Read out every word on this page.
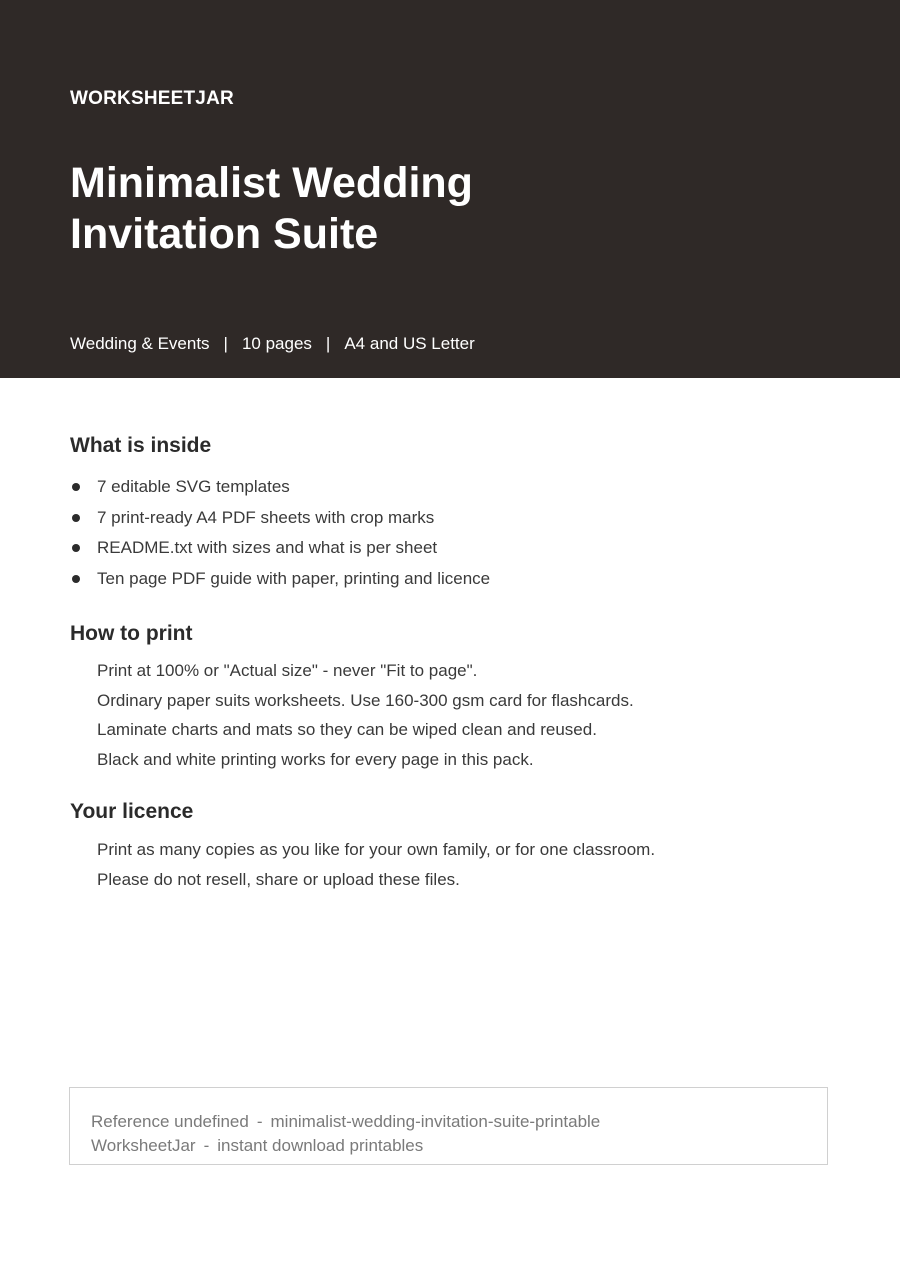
WORKSHEETJAR
Minimalist Wedding
Invitation Suite
Wedding & Events | 10 pages | A4 and US Letter
What is inside
7 editable SVG templates
7 print-ready A4 PDF sheets with crop marks
README.txt with sizes and what is per sheet
Ten page PDF guide with paper, printing and licence
How to print
Print at 100% or "Actual size" - never "Fit to page".
Ordinary paper suits worksheets. Use 160-300 gsm card for flashcards.
Laminate charts and mats so they can be wiped clean and reused.
Black and white printing works for every page in this pack.
Your licence
Print as many copies as you like for your own family, or for one classroom.
Please do not resell, share or upload these files.
Reference undefined - minimalist-wedding-invitation-suite-printable
WorksheetJar - instant download printables
